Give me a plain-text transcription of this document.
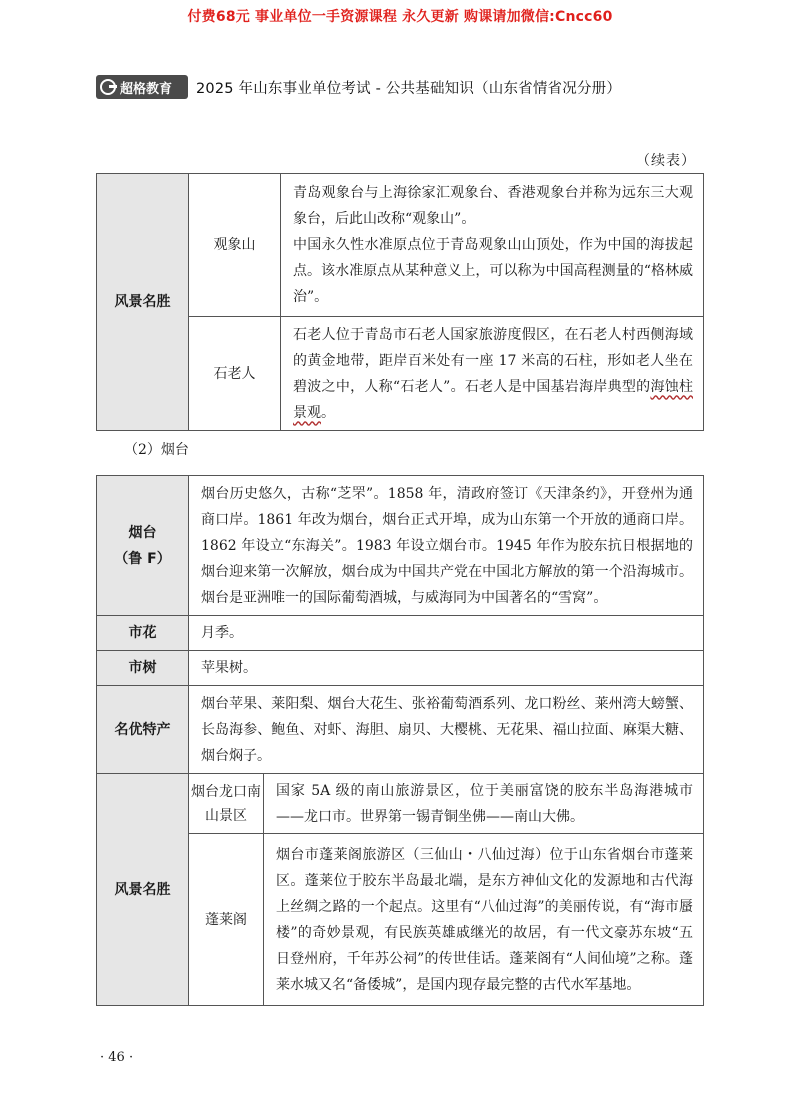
付费68元 事业单位一手资源课程 永久更新 购课请加微信:Cncc60
超格教育 2025 年山东事业单位考试 - 公共基础知识（山东省情省况分册）
（续表）
风景名胜	观象山	青岛观象台与上海徐家汇观象台、香港观象台并称为远东三大观象台，后此山改称“观象山”。
中国永久性水准原点位于青岛观象山山顶处，作为中国的海拔起点。该水准原点从某种意义上，可以称为中国高程测量的“格林威治”。

	石老人	石老人位于青岛市石老人国家旅游度假区，在石老人村西侧海域的黄金地带，距岸百米处有一座 17 米高的石柱，形如老人坐在碧波之中，人称“石老人”。石老人是中国基岩海岸典型的海蚀柱景观。
（2）烟台
烟台
（鲁 F）	烟台历史悠久，古称“芝罘”。1858 年，清政府签订《天津条约》，开登州为通商口岸。1861 年改为烟台，烟台正式开埠，成为山东第一个开放的通商口岸。1862 年设立“东海关”。1983 年设立烟台市。1945 年作为胶东抗日根据地的烟台迎来第一次解放，烟台成为中国共产党在中国北方解放的第一个沿海城市。烟台是亚洲唯一的国际葡萄酒城，与威海同为中国著名的“雪窝”。	
市花	月季。	
市树	苹果树。	
名优特产	烟台苹果、莱阳梨、烟台大花生、张裕葡萄酒系列、龙口粉丝、莱州湾大螃蟹、长岛海参、鲍鱼、对虾、海胆、扇贝、大樱桃、无花果、福山拉面、麻渠大糖、烟台焖子。	
风景名胜	烟台龙口南山景区	国家 5A 级的南山旅游景区，位于美丽富饶的胶东半岛海港城市——龙口市。世界第一锡青铜坐佛——南山大佛。
	蓬莱阁	烟台市蓬莱阁旅游区（三仙山・八仙过海）位于山东省烟台市蓬莱区。蓬莱位于胶东半岛最北端，是东方神仙文化的发源地和古代海上丝绸之路的一个起点。这里有“八仙过海”的美丽传说，有“海市蜃楼”的奇妙景观，有民族英雄戚继光的故居，有一代文豪苏东坡“五日登州府，千年苏公祠”的传世佳话。蓬莱阁有“人间仙境”之称。蓬莱水城又名“备倭城”，是国内现存最完整的古代水军基地。
· 46 ·
